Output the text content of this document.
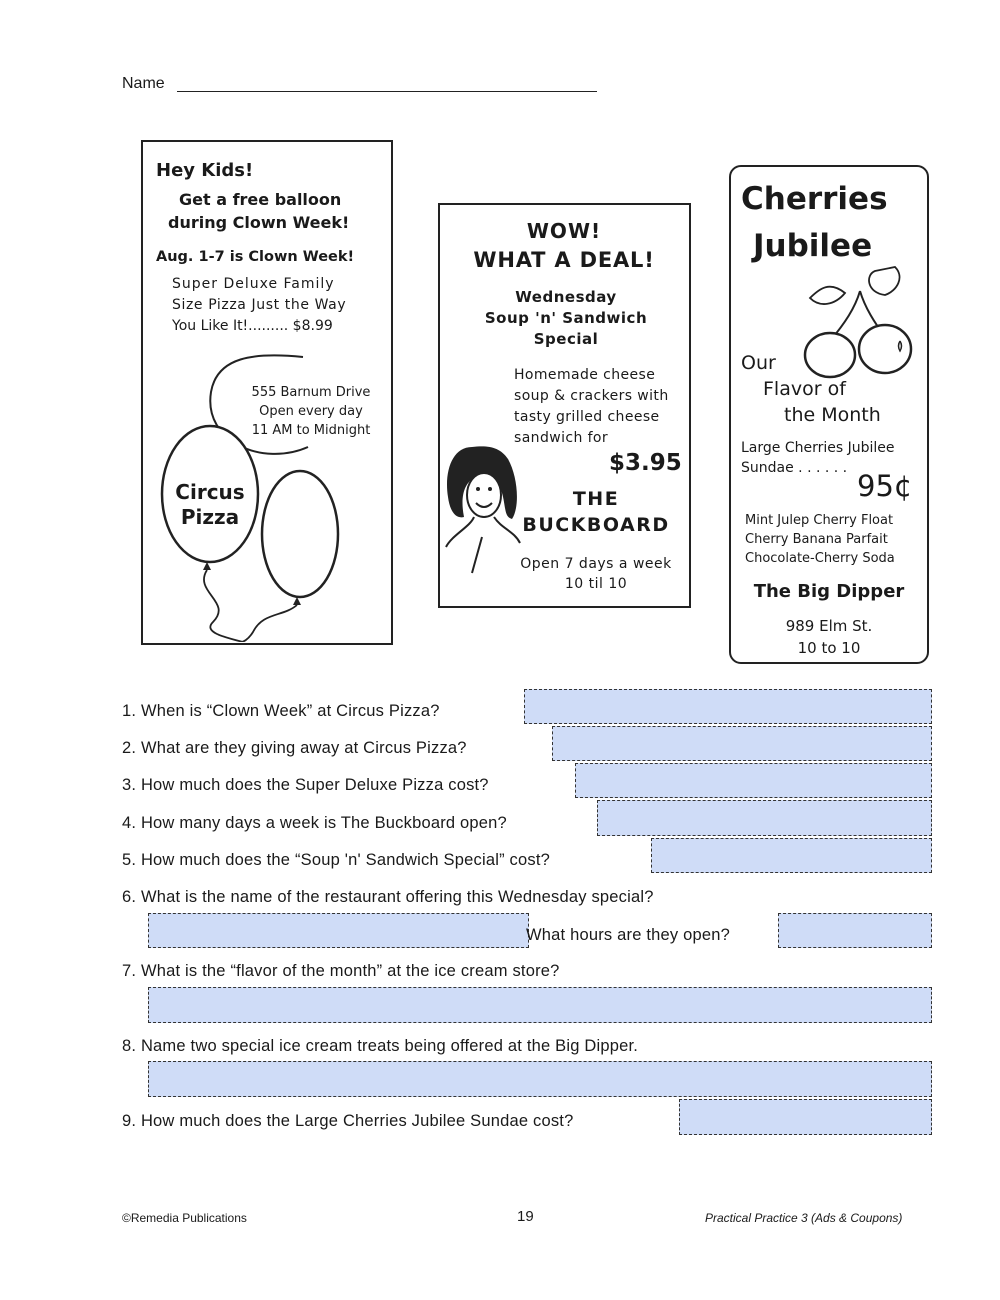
Name
Hey Kids!
Get a free balloon
during Clown Week!
Aug. 1-7 is Clown Week!
Super Deluxe Family
Size Pizza Just the Way
You Like It!......... $8.99
555 Barnum Drive
Open every day
11 AM to Midnight
Circus
Pizza
WOW!
WHAT A DEAL!
Wednesday
Soup 'n' Sandwich
Special
Homemade cheese
soup & crackers with
tasty grilled cheese
sandwich for
$3.95
THE
BUCKBOARD
Open 7 days a week
10 til 10
Cherries
Jubilee
Our
Flavor of
the Month
Large Cherries Jubilee
Sundae . . . . . .
95¢
Mint Julep Cherry Float
Cherry Banana Parfait
Chocolate-Cherry Soda
The Big Dipper
989 Elm St.
10 to 10
1. When is “Clown Week” at Circus Pizza?
2. What are they giving away at Circus Pizza?
3. How much does the Super Deluxe Pizza cost?
4. How many days a week is The Buckboard open?
5. How much does the “Soup 'n' Sandwich Special” cost?
6. What is the name of the restaurant offering this Wednesday special?
What hours are they open?
7. What is the “flavor of the month” at the ice cream store?
8. Name two special ice cream treats being offered at the Big Dipper.
9. How much does the Large Cherries Jubilee Sundae cost?
©Remedia Publications	19	Practical Practice 3 (Ads & Coupons)
